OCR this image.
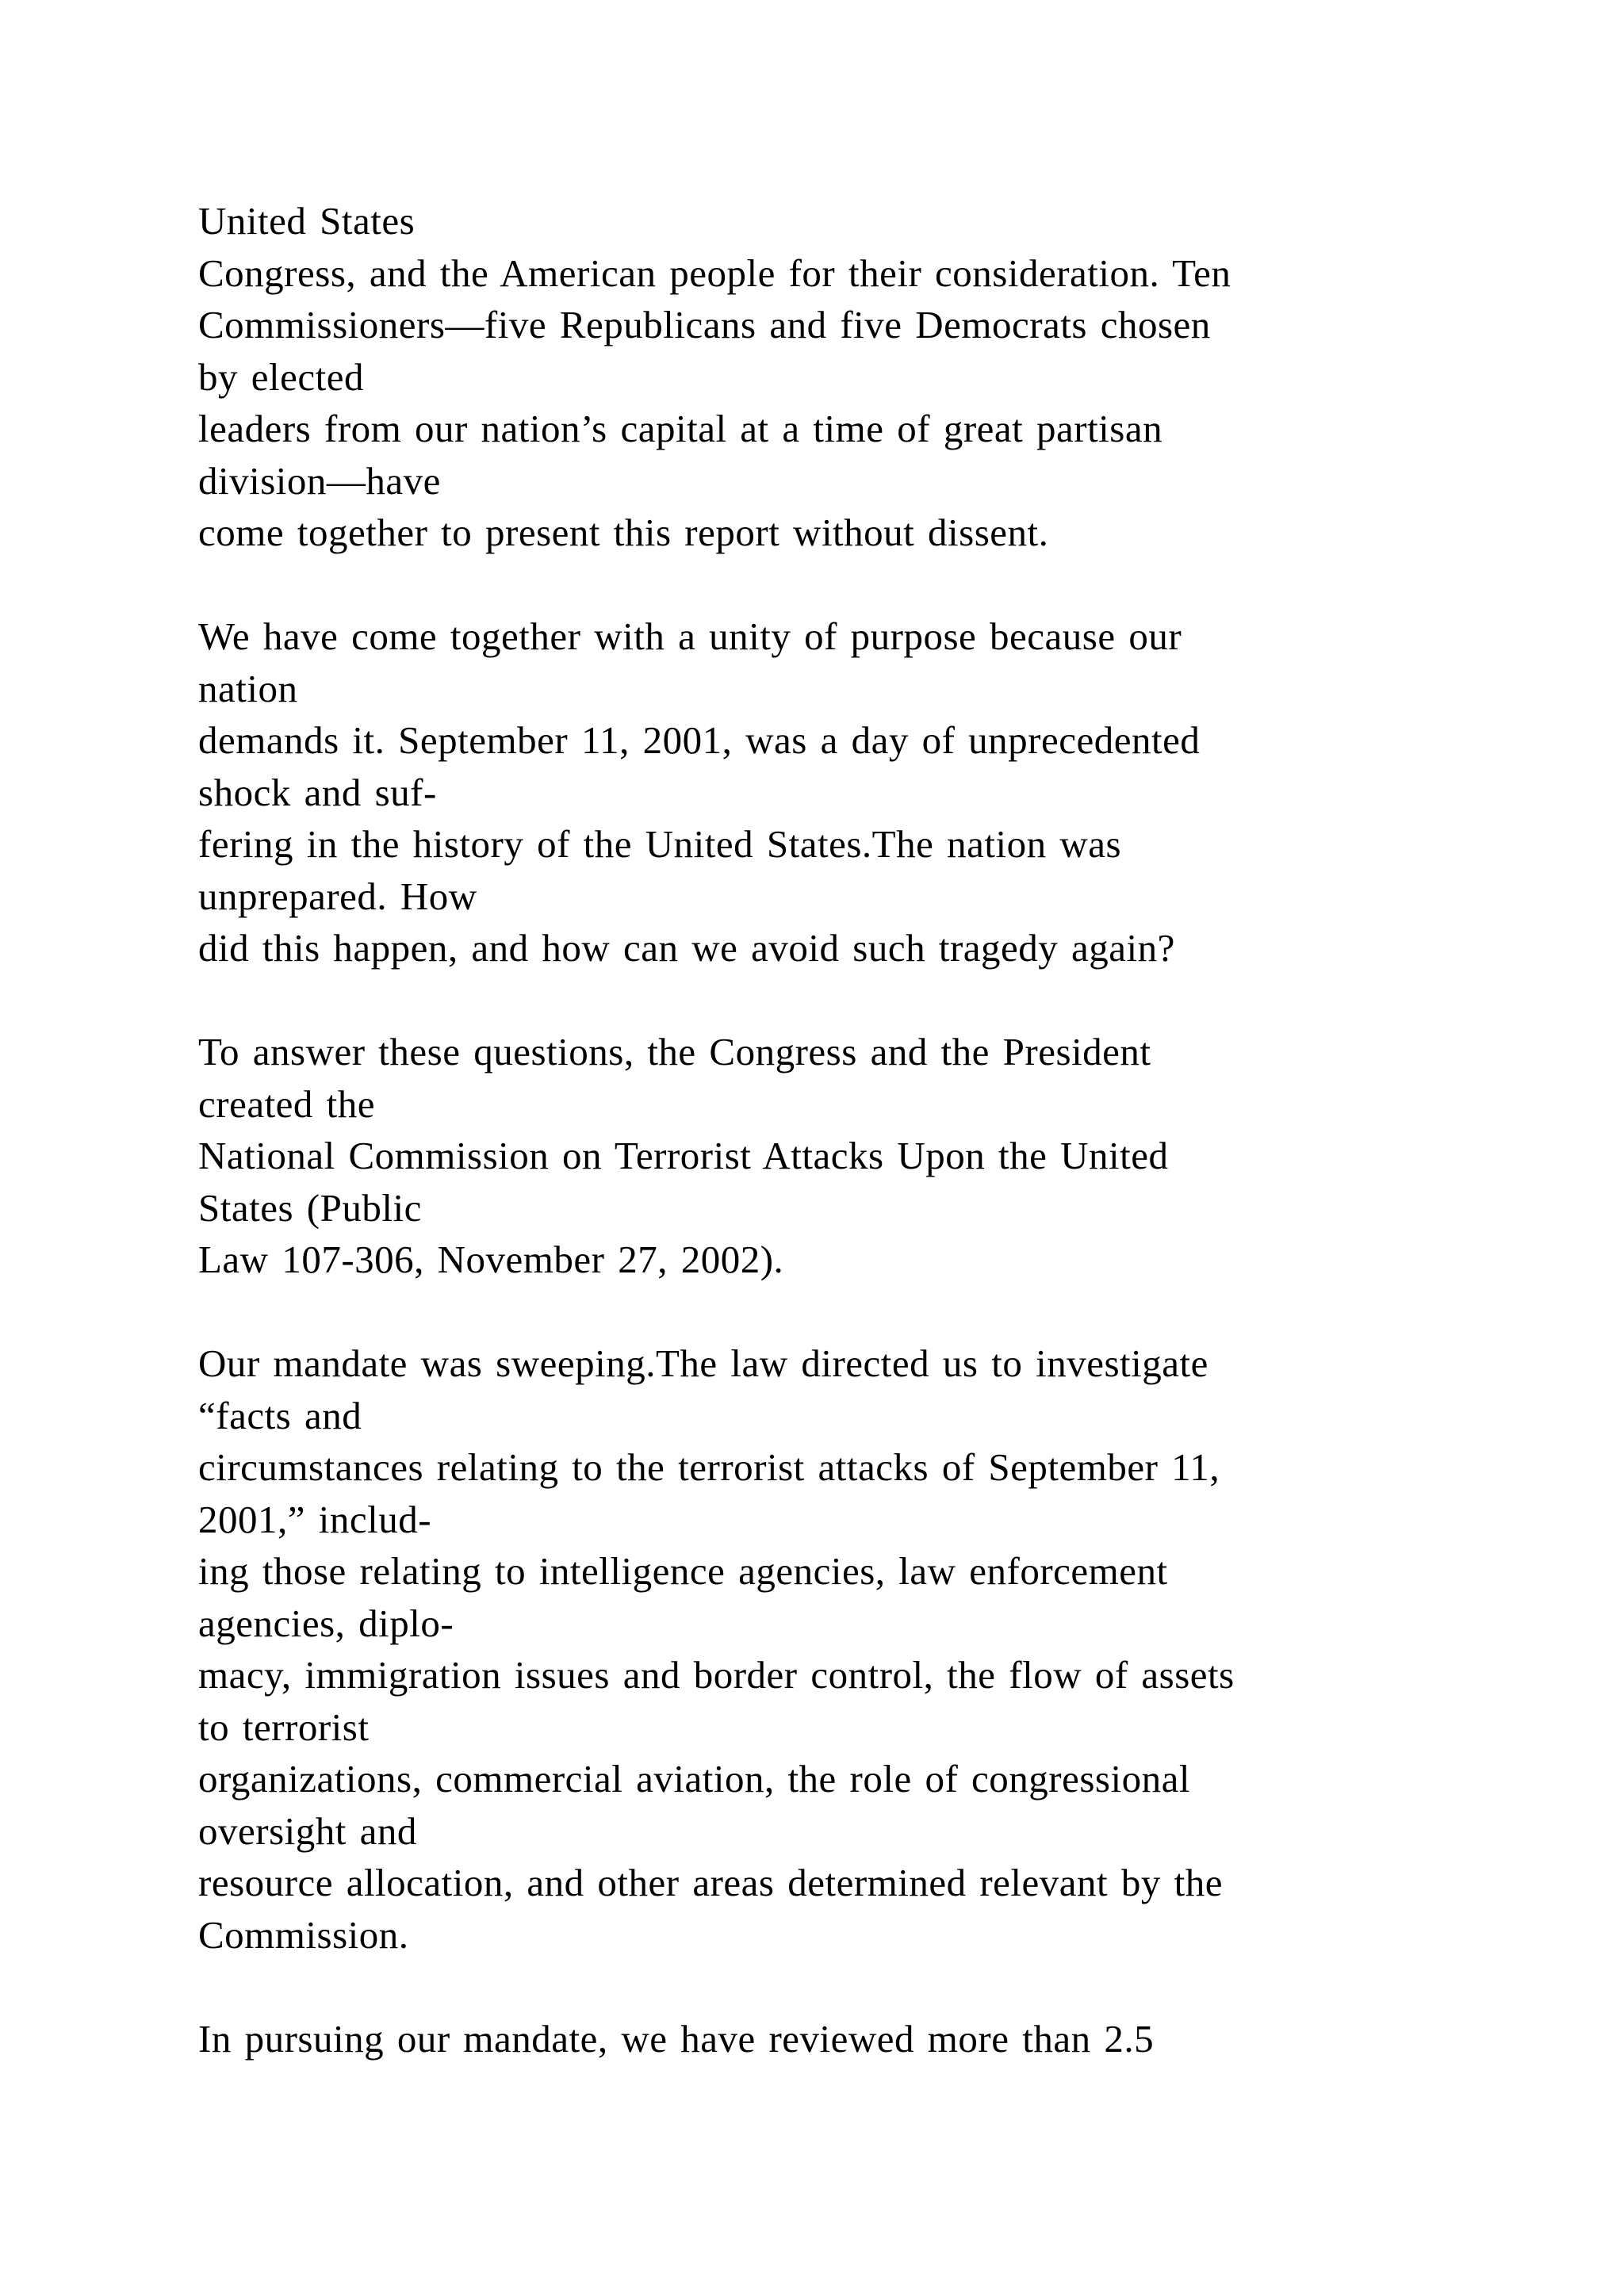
United States
Congress, and the American people for their consideration. Ten
Commissioners—five Republicans and five Democrats chosen
by elected
leaders from our nation’s capital at a time of great partisan
division—have
come together to present this report without dissent.
We have come together with a unity of purpose because our
nation
demands it. September 11, 2001, was a day of unprecedented
shock and suf-
fering in the history of the United States.The nation was
unprepared. How
did this happen, and how can we avoid such tragedy again?
To answer these questions, the Congress and the President
created the
National Commission on Terrorist Attacks Upon the United
States (Public
Law 107-306, November 27, 2002).
Our mandate was sweeping.The law directed us to investigate
“facts and
circumstances relating to the terrorist attacks of September 11,
2001,” includ-
ing those relating to intelligence agencies, law enforcement
agencies, diplo-
macy, immigration issues and border control, the flow of assets
to terrorist
organizations, commercial aviation, the role of congressional
oversight and
resource allocation, and other areas determined relevant by the
Commission.
In pursuing our mandate, we have reviewed more than 2.5
